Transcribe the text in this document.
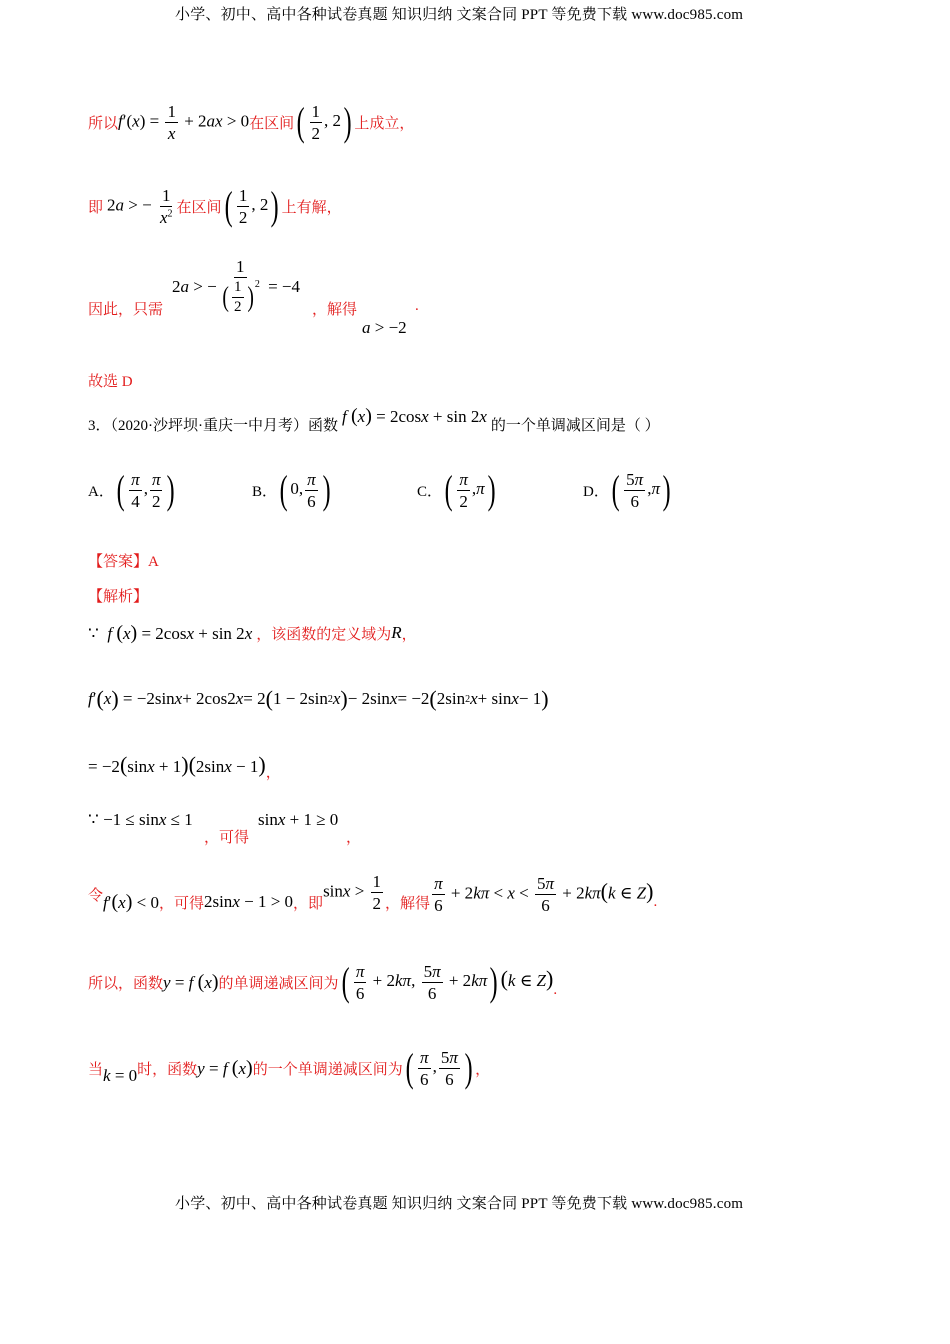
小学、初中、高中各种试卷真题 知识归纳 文案合同 PPT 等免费下载 www.doc985.com
所以 $f'(x) = \frac{1}{x} + 2ax > 0$ 在区间 ( $\frac{1}{2}$ , 2) 上成立，
即 2a > − $\frac{1}{x^2}$ 在区间 ( $\frac{1}{2}$ , 2) 上有解，
因此，只需
2 a > − $\frac{1}{( \frac{1}{2} )^2} = -4$
，解得
a > −2
.
故选 D
3．（2020·沙坪坝·重庆一中月考）函数 f (x) = 2cosx + sin 2x 的一个单调减区间是（ ）
A． ( $\frac{\pi}{4}$ , $\frac{\pi}{2}$ )	B． ( 0, $\frac{\pi}{6}$ )	C． ( $\frac{\pi}{2} ,\pi$)	D． ( $\frac{5\pi}{6} ,\pi$)
【答案】A
【解析】
∵  f (x) = 2cosx + sin 2x ，该函数的定义域为 R ，
f ′ ( x ) = −2sin x + 2cos2 x = 2 ( 1 − 2sin 2 x ) − 2sin x = −2 ( 2sin 2 x + sin x − 1 )
= −2(sinx + 1)(2sinx − 1) ，
∵ −1 ≤ sinx ≤ 1
，可得
sinx + 1 ≥ 0
，
令 f′(x) < 0 ，可得 2sinx − 1 > 0 ，即
$\sin x > \frac{1}{2}$ ，解得 $\frac{\pi}{6} + 2k\pi < x < \frac{5\pi}{6} + 2k\pi(k$ ∈ Z) .
所以，函数 y = f (x) 的单调递减区间为 ( $\frac{\pi}{6} + 2k\pi$, $\frac{5\pi}{6} + 2k\pi$) (k ∈ Z) .
当 k = 0 时，函数 y = f (x) 的一个单调递减区间为 ( $\frac{\pi}{6}$ , $\frac{5\pi}{6}$ ) ，
小学、初中、高中各种试卷真题 知识归纳 文案合同 PPT 等免费下载 www.doc985.com
